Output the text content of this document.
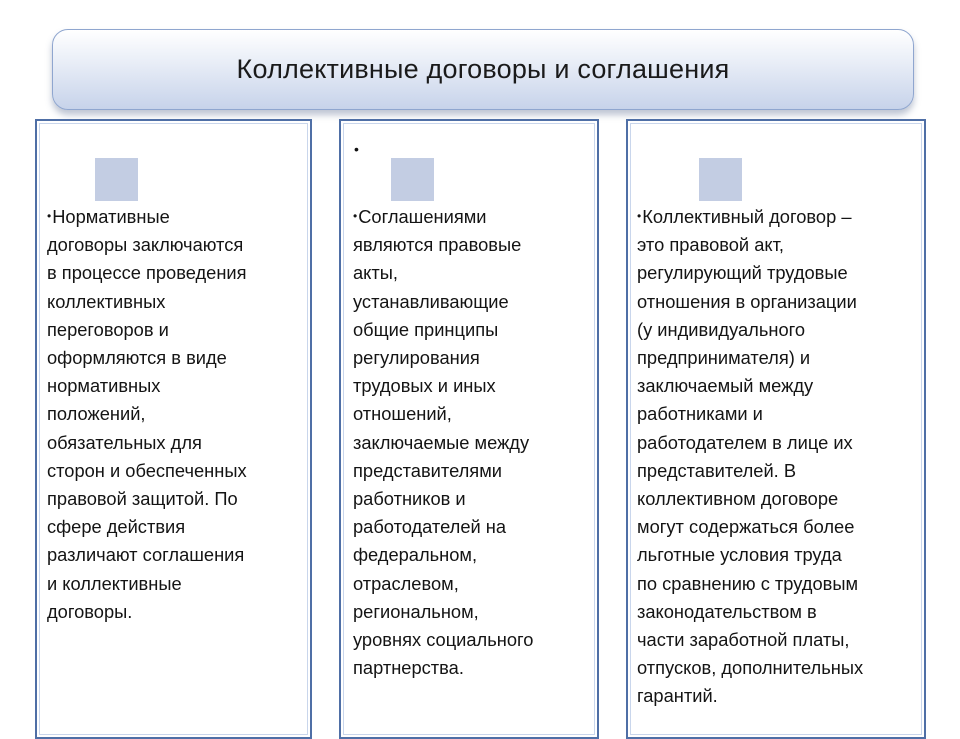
Коллективные договоры и соглашения

•Нормативные
договоры заключаются
в процессе проведения
коллективных
переговоров и
оформляются в виде
нормативных
положений,
обязательных для
сторон и обеспеченных
правовой защитой. По
сфере действия
различают соглашения
и коллективные
договоры.

•

•Соглашениями
являются правовые
акты,
устанавливающие
общие принципы
регулирования
трудовых и иных
отношений,
заключаемые между
представителями
работников и
работодателей на
федеральном,
отраслевом,
региональном,
уровнях социального
партнерства.

•Коллективный договор –
это правовой акт,
регулирующий трудовые
отношения в организации
(у индивидуального
предпринимателя) и
заключаемый между
работниками и
работодателем в лице их
представителей. В
коллективном договоре
могут содержаться более
льготные условия труда
по сравнению с трудовым
законодательством в
части заработной платы,
отпусков, дополнительных
гарантий.
